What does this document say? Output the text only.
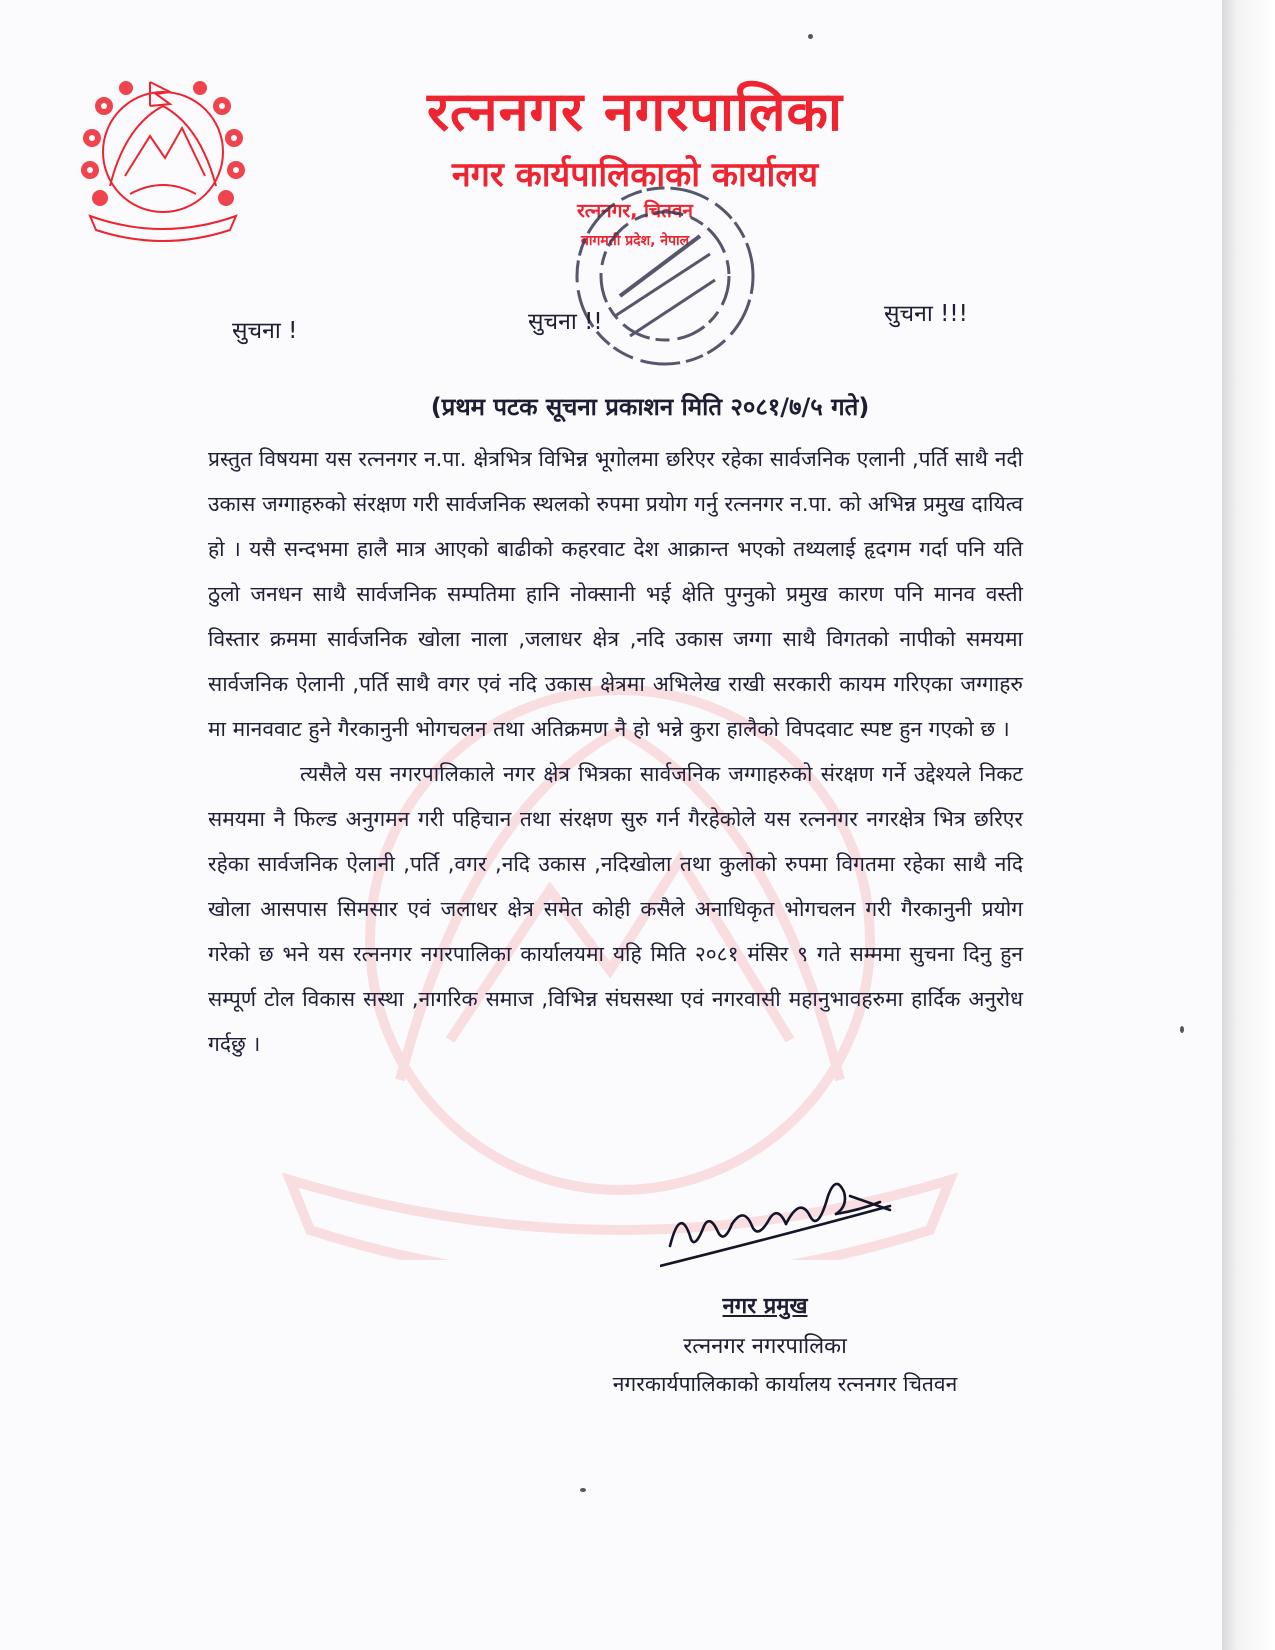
रत्ननगर नगरपालिका
नगर कार्यपालिकाको कार्यालय
रत्ननगर, चितवन
बागमती प्रदेश, नेपाल
सुचना !	सुचना !!	सुचना !!!
(प्रथम पटक सूचना प्रकाशन मिति २०८१/७/५ गते)

प्रस्तुत विषयमा यस रत्ननगर न.पा. क्षेत्रभित्र विभिन्न भूगोलमा छरिएर रहेका सार्वजनिक एलानी ,पर्ति साथै नदी उकास जग्गाहरुको संरक्षण गरी सार्वजनिक स्थलको रुपमा प्रयोग गर्नु रत्ननगर न.पा. को अभिन्न प्रमुख दायित्व हो । यसै सन्दभमा हालै मात्र आएको बाढीको कहरवाट देश आक्रान्त भएको तथ्यलाई हृदगम गर्दा पनि यति ठुलो जनधन साथै सार्वजनिक सम्पतिमा हानि नोक्सानी भई क्षेति पुग्नुको प्रमुख कारण पनि मानव वस्ती विस्तार क्रममा सार्वजनिक खोला नाला ,जलाधर क्षेत्र ,नदि उकास जग्गा साथै विगतको नापीको समयमा सार्वजनिक ऐलानी ,पर्ति साथै वगर एवं नदि उकास क्षेत्रमा अभिलेख राखी सरकारी कायम गरिएका जग्गाहरु मा मानववाट हुने गैरकानुनी भोगचलन तथा अतिक्रमण नै हो भन्ने कुरा हालैको विपदवाट स्पष्ट हुन गएको छ ।

त्यसैले यस नगरपालिकाले नगर क्षेत्र भित्रका सार्वजनिक जग्गाहरुको संरक्षण गर्ने उद्देश्यले निकट समयमा नै फिल्ड अनुगमन गरी पहिचान तथा संरक्षण सुरु गर्न गैरहेकोले यस रत्ननगर नगरक्षेत्र भित्र छरिएर रहेका सार्वजनिक ऐलानी ,पर्ति ,वगर ,नदि उकास ,नदिखोला तथा कुलोको रुपमा विगतमा रहेका साथै नदि खोला आसपास सिमसार एवं जलाधर क्षेत्र समेत कोही कसैले अनाधिकृत भोगचलन गरी गैरकानुनी प्रयोग गरेको छ भने यस रत्ननगर नगरपालिका कार्यालयमा यहि मिति २०८१ मंसिर ९ गते सम्ममा सुचना दिनु हुन सम्पूर्ण टोल विकास सस्था ,नागरिक समाज ,विभिन्न संघसस्था एवं नगरवासी महानुभावहरुमा हार्दिक अनुरोध गर्दछु ।

नगर प्रमुख
रत्ननगर नगरपालिका
नगरकार्यपालिकाको कार्यालय रत्ननगर चितवन
